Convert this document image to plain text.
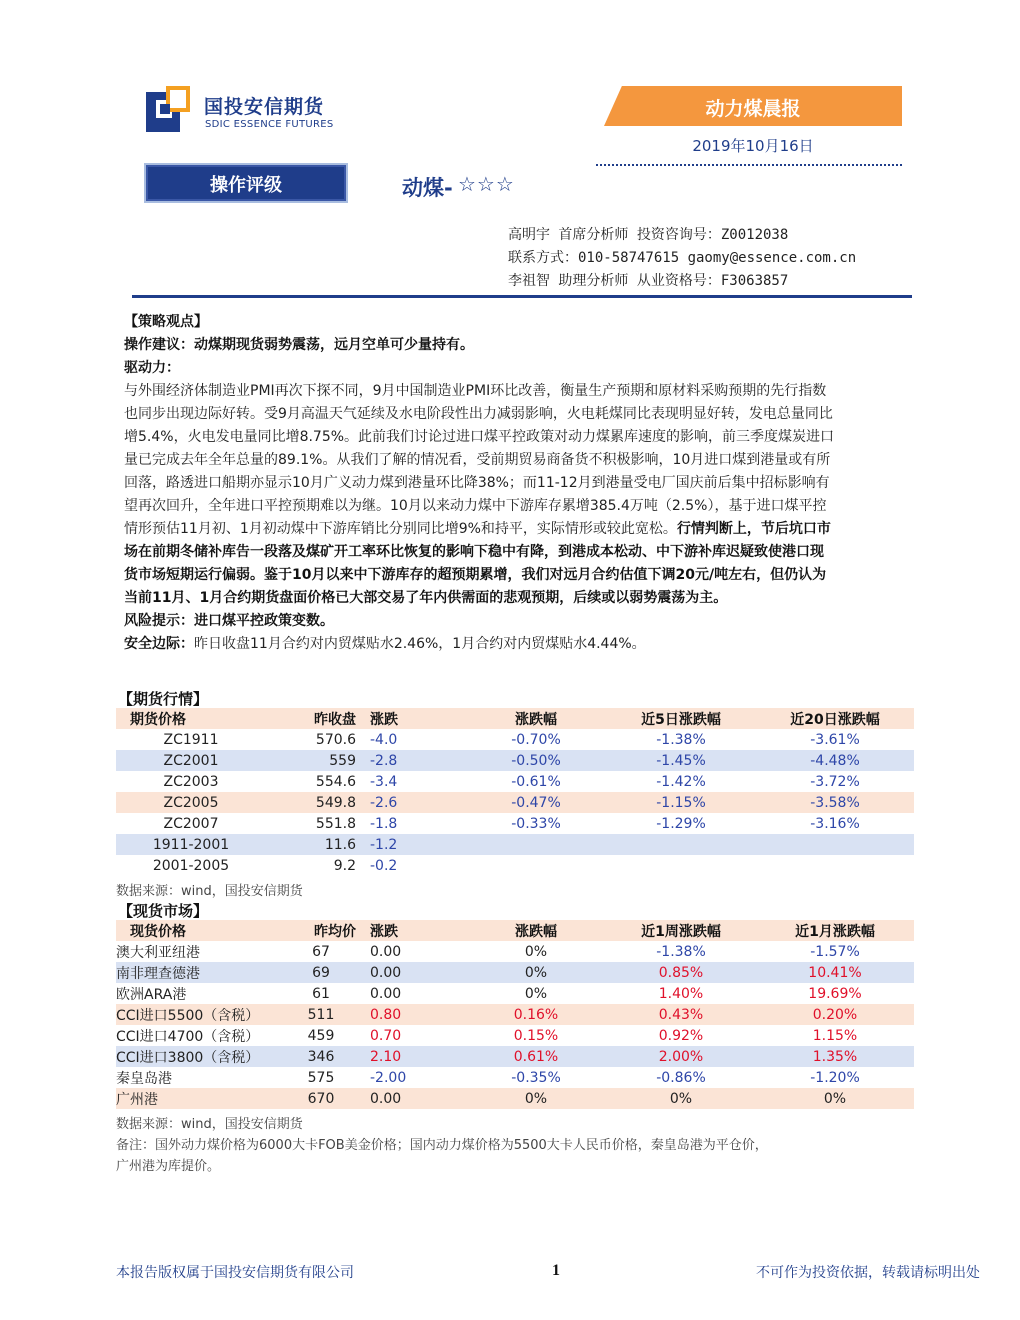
国投安信期货
SDIC ESSENCE FUTURES
动力煤晨报
2019年10月16日
操作评级	动煤- ☆☆☆
高明宇 首席分析师 投资咨询号：Z0012038
联系方式：010-58747615 gaomy@essence.com.cn
李祖智 助理分析师 从业资格号：F3063857
【策略观点】
操作建议：动煤期现货弱势震荡，远月空单可少量持有。
驱动力：
与外围经济体制造业PMI再次下探不同，9月中国制造业PMI环比改善，衡量生产预期和原材料采购预期的先行指数
也同步出现边际好转。受9月高温天气延续及水电阶段性出力减弱影响，火电耗煤同比表现明显好转，发电总量同比
增5.4%，火电发电量同比增8.75%。此前我们讨论过进口煤平控政策对动力煤累库速度的影响，前三季度煤炭进口
量已完成去年全年总量的89.1%。从我们了解的情况看，受前期贸易商备货不积极影响，10月进口煤到港量或有所
回落，路透进口船期亦显示10月广义动力煤到港量环比降38%；而11-12月到港量受电厂国庆前后集中招标影响有
望再次回升，全年进口平控预期难以为继。10月以来动力煤中下游库存累增385.4万吨（2.5%），基于进口煤平控
情形预估11月初、1月初动煤中下游库销比分别同比增9%和持平，实际情形或较此宽松。行情判断上，节后坑口市
场在前期冬储补库告一段落及煤矿开工率环比恢复的影响下稳中有降，到港成本松动、中下游补库迟疑致使港口现
货市场短期运行偏弱。鉴于10月以来中下游库存的超预期累增，我们对远月合约估值下调20元/吨左右，但仍认为
当前11月、1月合约期货盘面价格已大部交易了年内供需面的悲观预期，后续或以弱势震荡为主。
风险提示：进口煤平控政策变数。
安全边际：昨日收盘11月合约对内贸煤贴水2.46%，1月合约对内贸煤贴水4.44%。
【期货行情】
期货价格	昨收盘	涨跌	涨跌幅	近5日涨跌幅	近20日涨跌幅
ZC1911	570.6	-4.0	-0.70%	-1.38%	-3.61%
ZC2001	559	-2.8	-0.50%	-1.45%	-4.48%
ZC2003	554.6	-3.4	-0.61%	-1.42%	-3.72%
ZC2005	549.8	-2.6	-0.47%	-1.15%	-3.58%
ZC2007	551.8	-1.8	-0.33%	-1.29%	-3.16%
1911-2001	11.6	-1.2			
2001-2005	9.2	-0.2			
数据来源：wind，国投安信期货
【现货市场】
现货价格	昨均价	涨跌	涨跌幅	近1周涨跌幅	近1月涨跌幅
澳大利亚纽港	67	0.00	0%	-1.38%	-1.57%
南非理查德港	69	0.00	0%	0.85%	10.41%
欧洲ARA港	61	0.00	0%	1.40%	19.69%
CCI进口5500（含税）	511	0.80	0.16%	0.43%	0.20%
CCI进口4700（含税）	459	0.70	0.15%	0.92%	1.15%
CCI进口3800（含税）	346	2.10	0.61%	2.00%	1.35%
秦皇岛港	575	-2.00	-0.35%	-0.86%	-1.20%
广州港	670	0.00	0%	0%	0%
数据来源：wind，国投安信期货
备注：国外动力煤价格为6000大卡FOB美金价格；国内动力煤价格为5500大卡人民币价格，秦皇岛港为平仓价，
广州港为库提价。
本报告版权属于国投安信期货有限公司	1	不可作为投资依据，转载请标明出处
